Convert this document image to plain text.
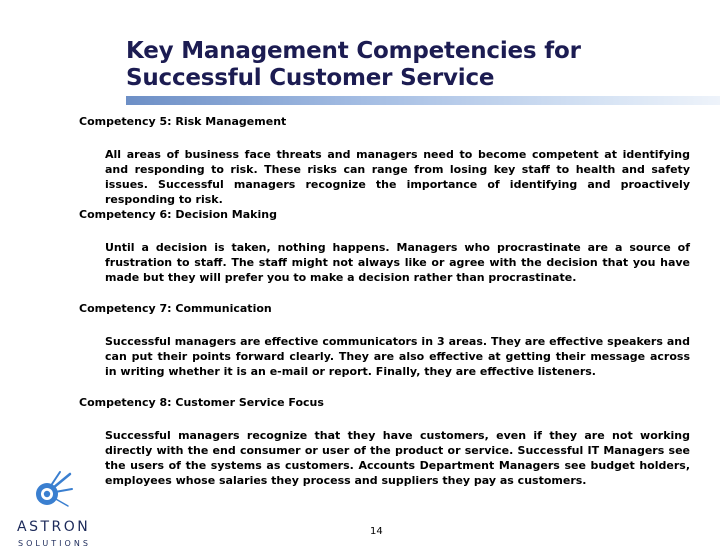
Key Management Competencies for
Successful Customer Service
Competency 5: Risk Management
All areas of business face threats and managers need to become competent at identifying and responding to risk. These risks can range from losing key staff to health and safety issues. Successful managers recognize the importance of identifying and proactively responding to risk.
Competency 6: Decision Making
Until a decision is taken, nothing happens. Managers who procrastinate are a source of frustration to staff. The staff might not always like or agree with the decision that you have made but they will prefer you to make a decision rather than procrastinate.
Competency 7: Communication
Successful managers are effective communicators in 3 areas. They are effective speakers and can put their points forward clearly. They are also effective at getting their message across in writing whether it is an e-mail or report. Finally, they are effective listeners.
Competency 8: Customer Service Focus
Successful managers recognize that they have customers, even if they are not working directly with the end consumer or user of the product or service. Successful IT Managers see the users of the systems as customers. Accounts Department Managers see budget holders, employees whose salaries they process and suppliers they pay as customers.
14
ASTRON
SOLUTIONS
